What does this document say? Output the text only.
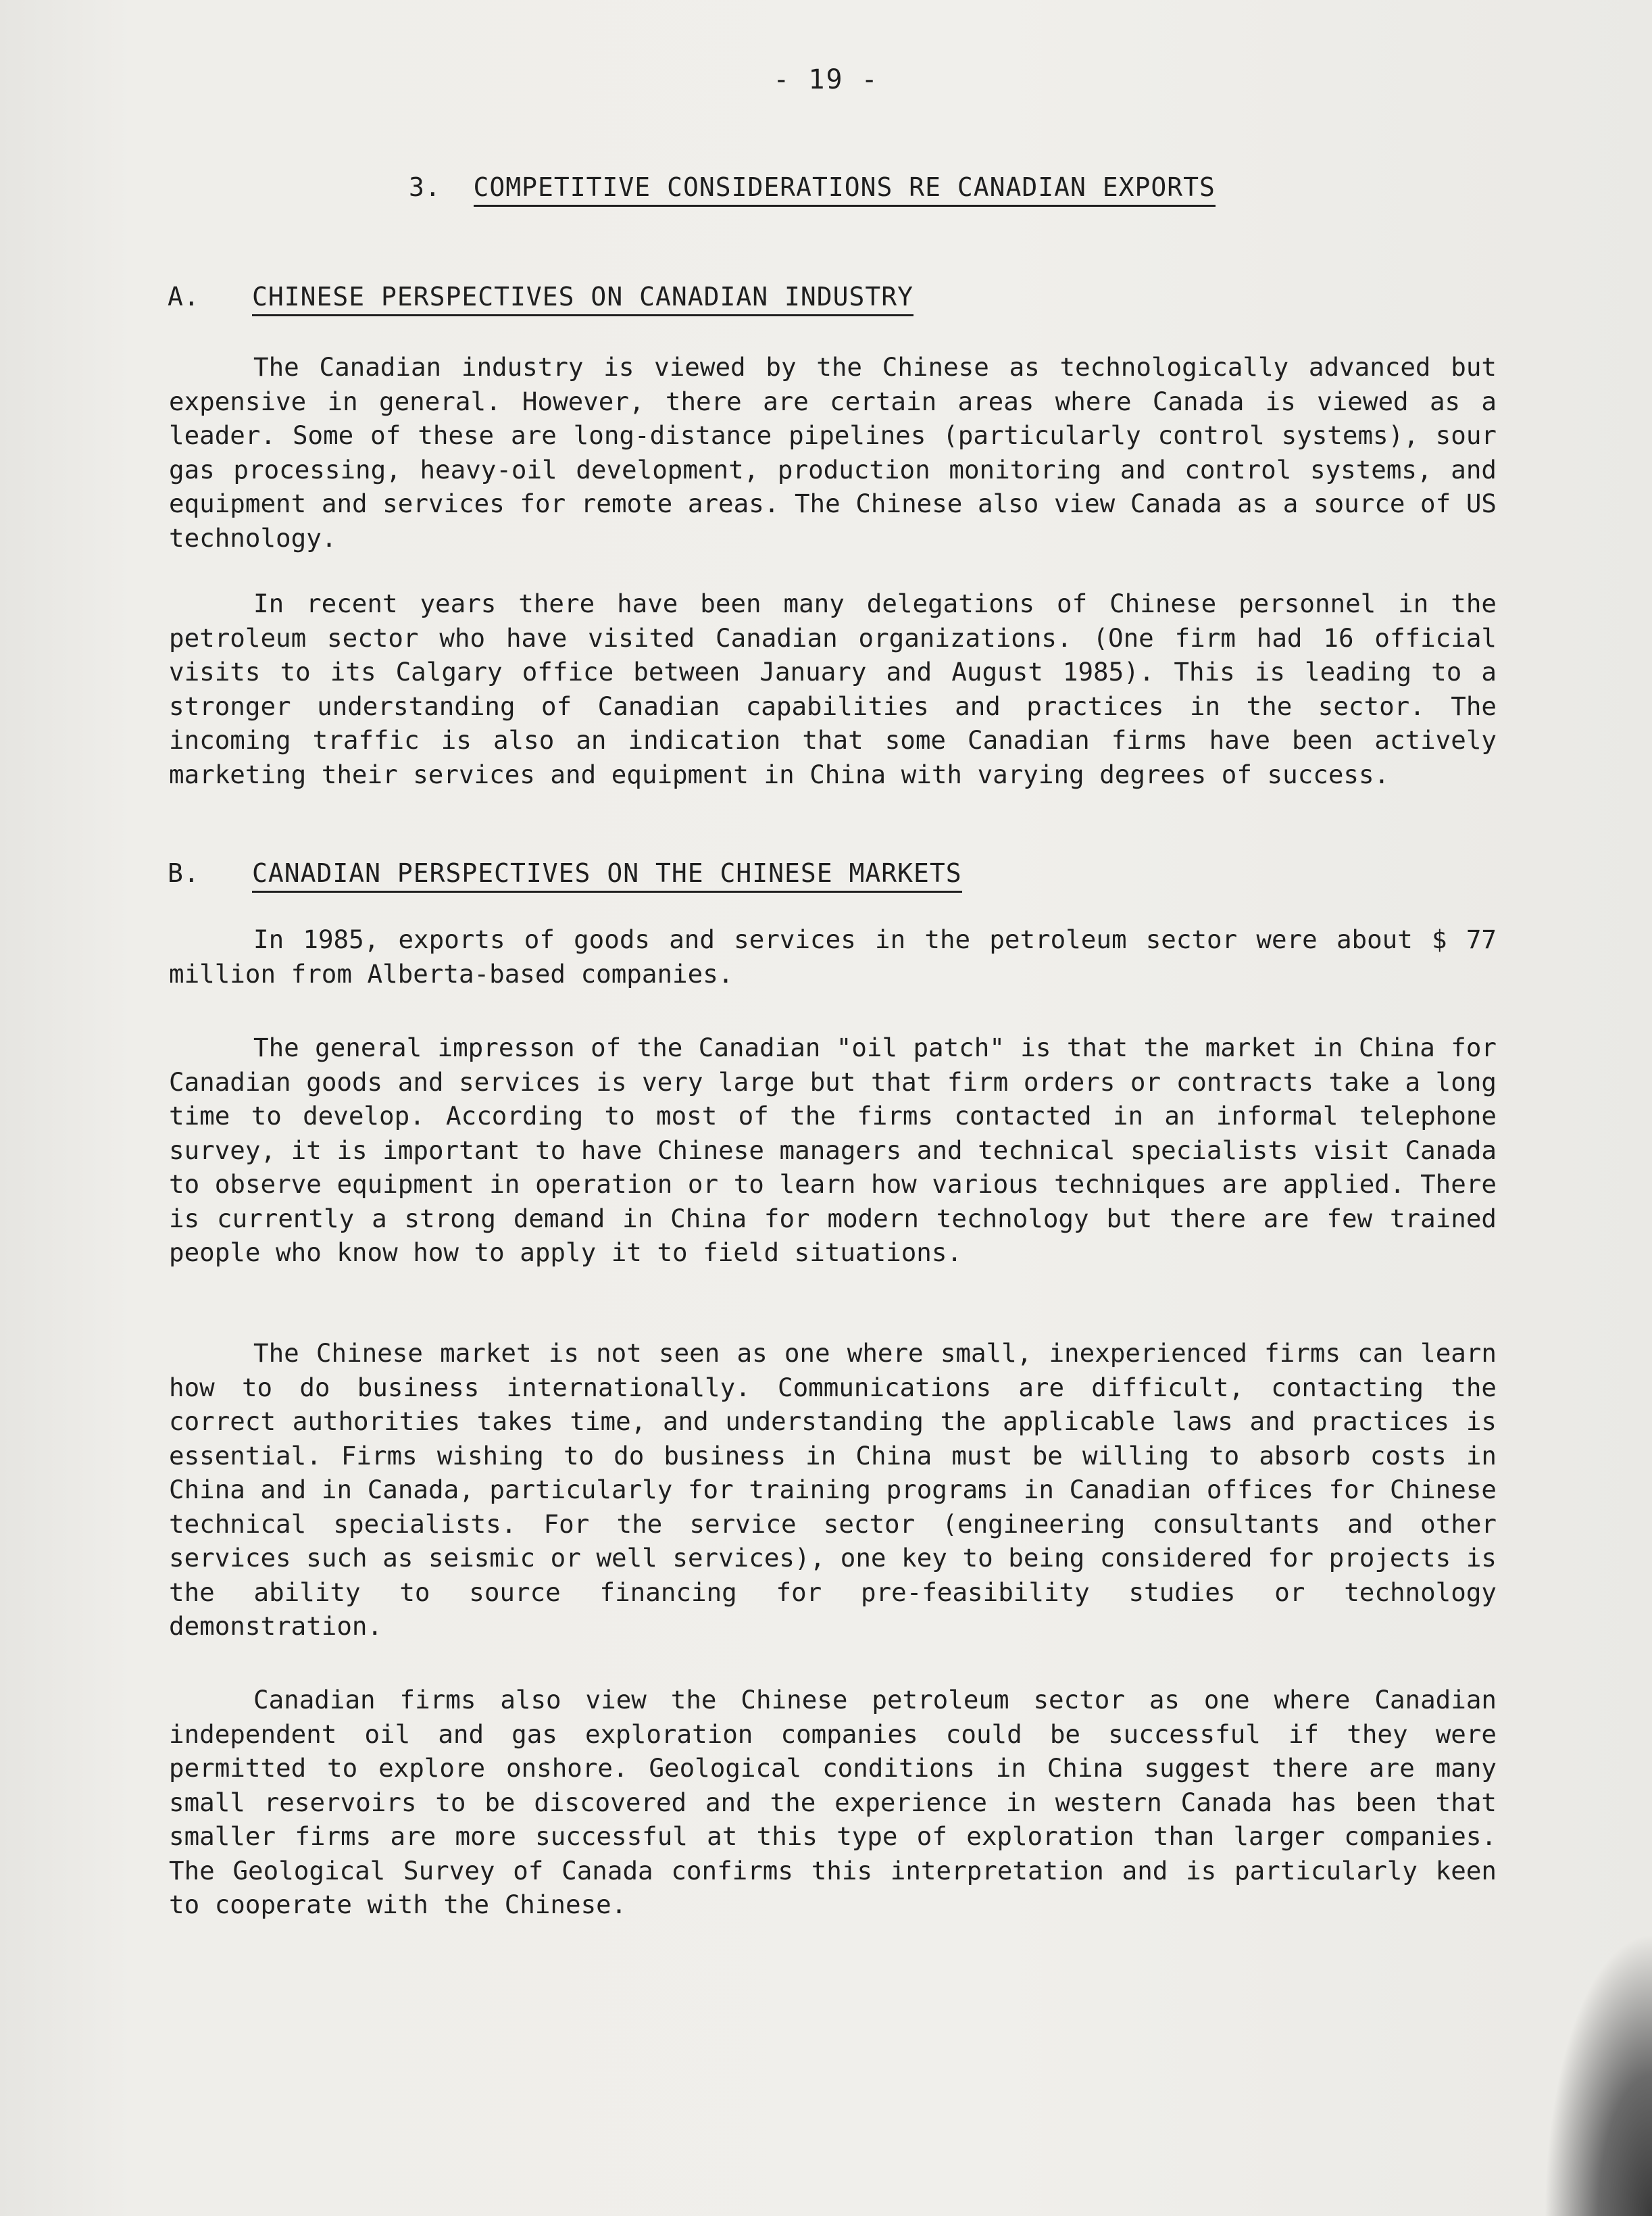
- 19 -
3. COMPETITIVE CONSIDERATIONS RE CANADIAN EXPORTS
A. CHINESE PERSPECTIVES ON CANADIAN INDUSTRY

The Canadian industry is viewed by the Chinese as technologically advanced but expensive in general. However, there are certain areas where Canada is viewed as a leader. Some of these are long-distance pipelines (particularly control systems), sour gas processing, heavy-oil development, production monitoring and control systems, and equipment and services for remote areas. The Chinese also view Canada as a source of US technology.

In recent years there have been many delegations of Chinese personnel in the petroleum sector who have visited Canadian organizations. (One firm had 16 official visits to its Calgary office between January and August 1985). This is leading to a stronger understanding of Canadian capabilities and practices in the sector. The incoming traffic is also an indication that some Canadian firms have been actively marketing their services and equipment in China with varying degrees of success.

B. CANADIAN PERSPECTIVES ON THE CHINESE MARKETS

In 1985, exports of goods and services in the petroleum sector were about $ 77 million from Alberta-based companies.

The general impresson of the Canadian "oil patch" is that the market in China for Canadian goods and services is very large but that firm orders or contracts take a long time to develop. According to most of the firms contacted in an informal telephone survey, it is important to have Chinese managers and technical specialists visit Canada to observe equipment in operation or to learn how various techniques are applied. There is currently a strong demand in China for modern technology but there are few trained people who know how to apply it to field situations.

The Chinese market is not seen as one where small, inexperienced firms can learn how to do business internationally. Communications are difficult, contacting the correct authorities takes time, and understanding the applicable laws and practices is essential. Firms wishing to do business in China must be willing to absorb costs in China and in Canada, particularly for training programs in Canadian offices for Chinese technical specialists. For the service sector (engineering consultants and other services such as seismic or well services), one key to being considered for projects is the ability to source financing for pre-feasibility studies or technology demonstration.

Canadian firms also view the Chinese petroleum sector as one where Canadian independent oil and gas exploration companies could be successful if they were permitted to explore onshore. Geological conditions in China suggest there are many small reservoirs to be discovered and the experience in western Canada has been that smaller firms are more successful at this type of exploration than larger companies. The Geological Survey of Canada confirms this interpretation and is particularly keen to cooperate with the Chinese.
